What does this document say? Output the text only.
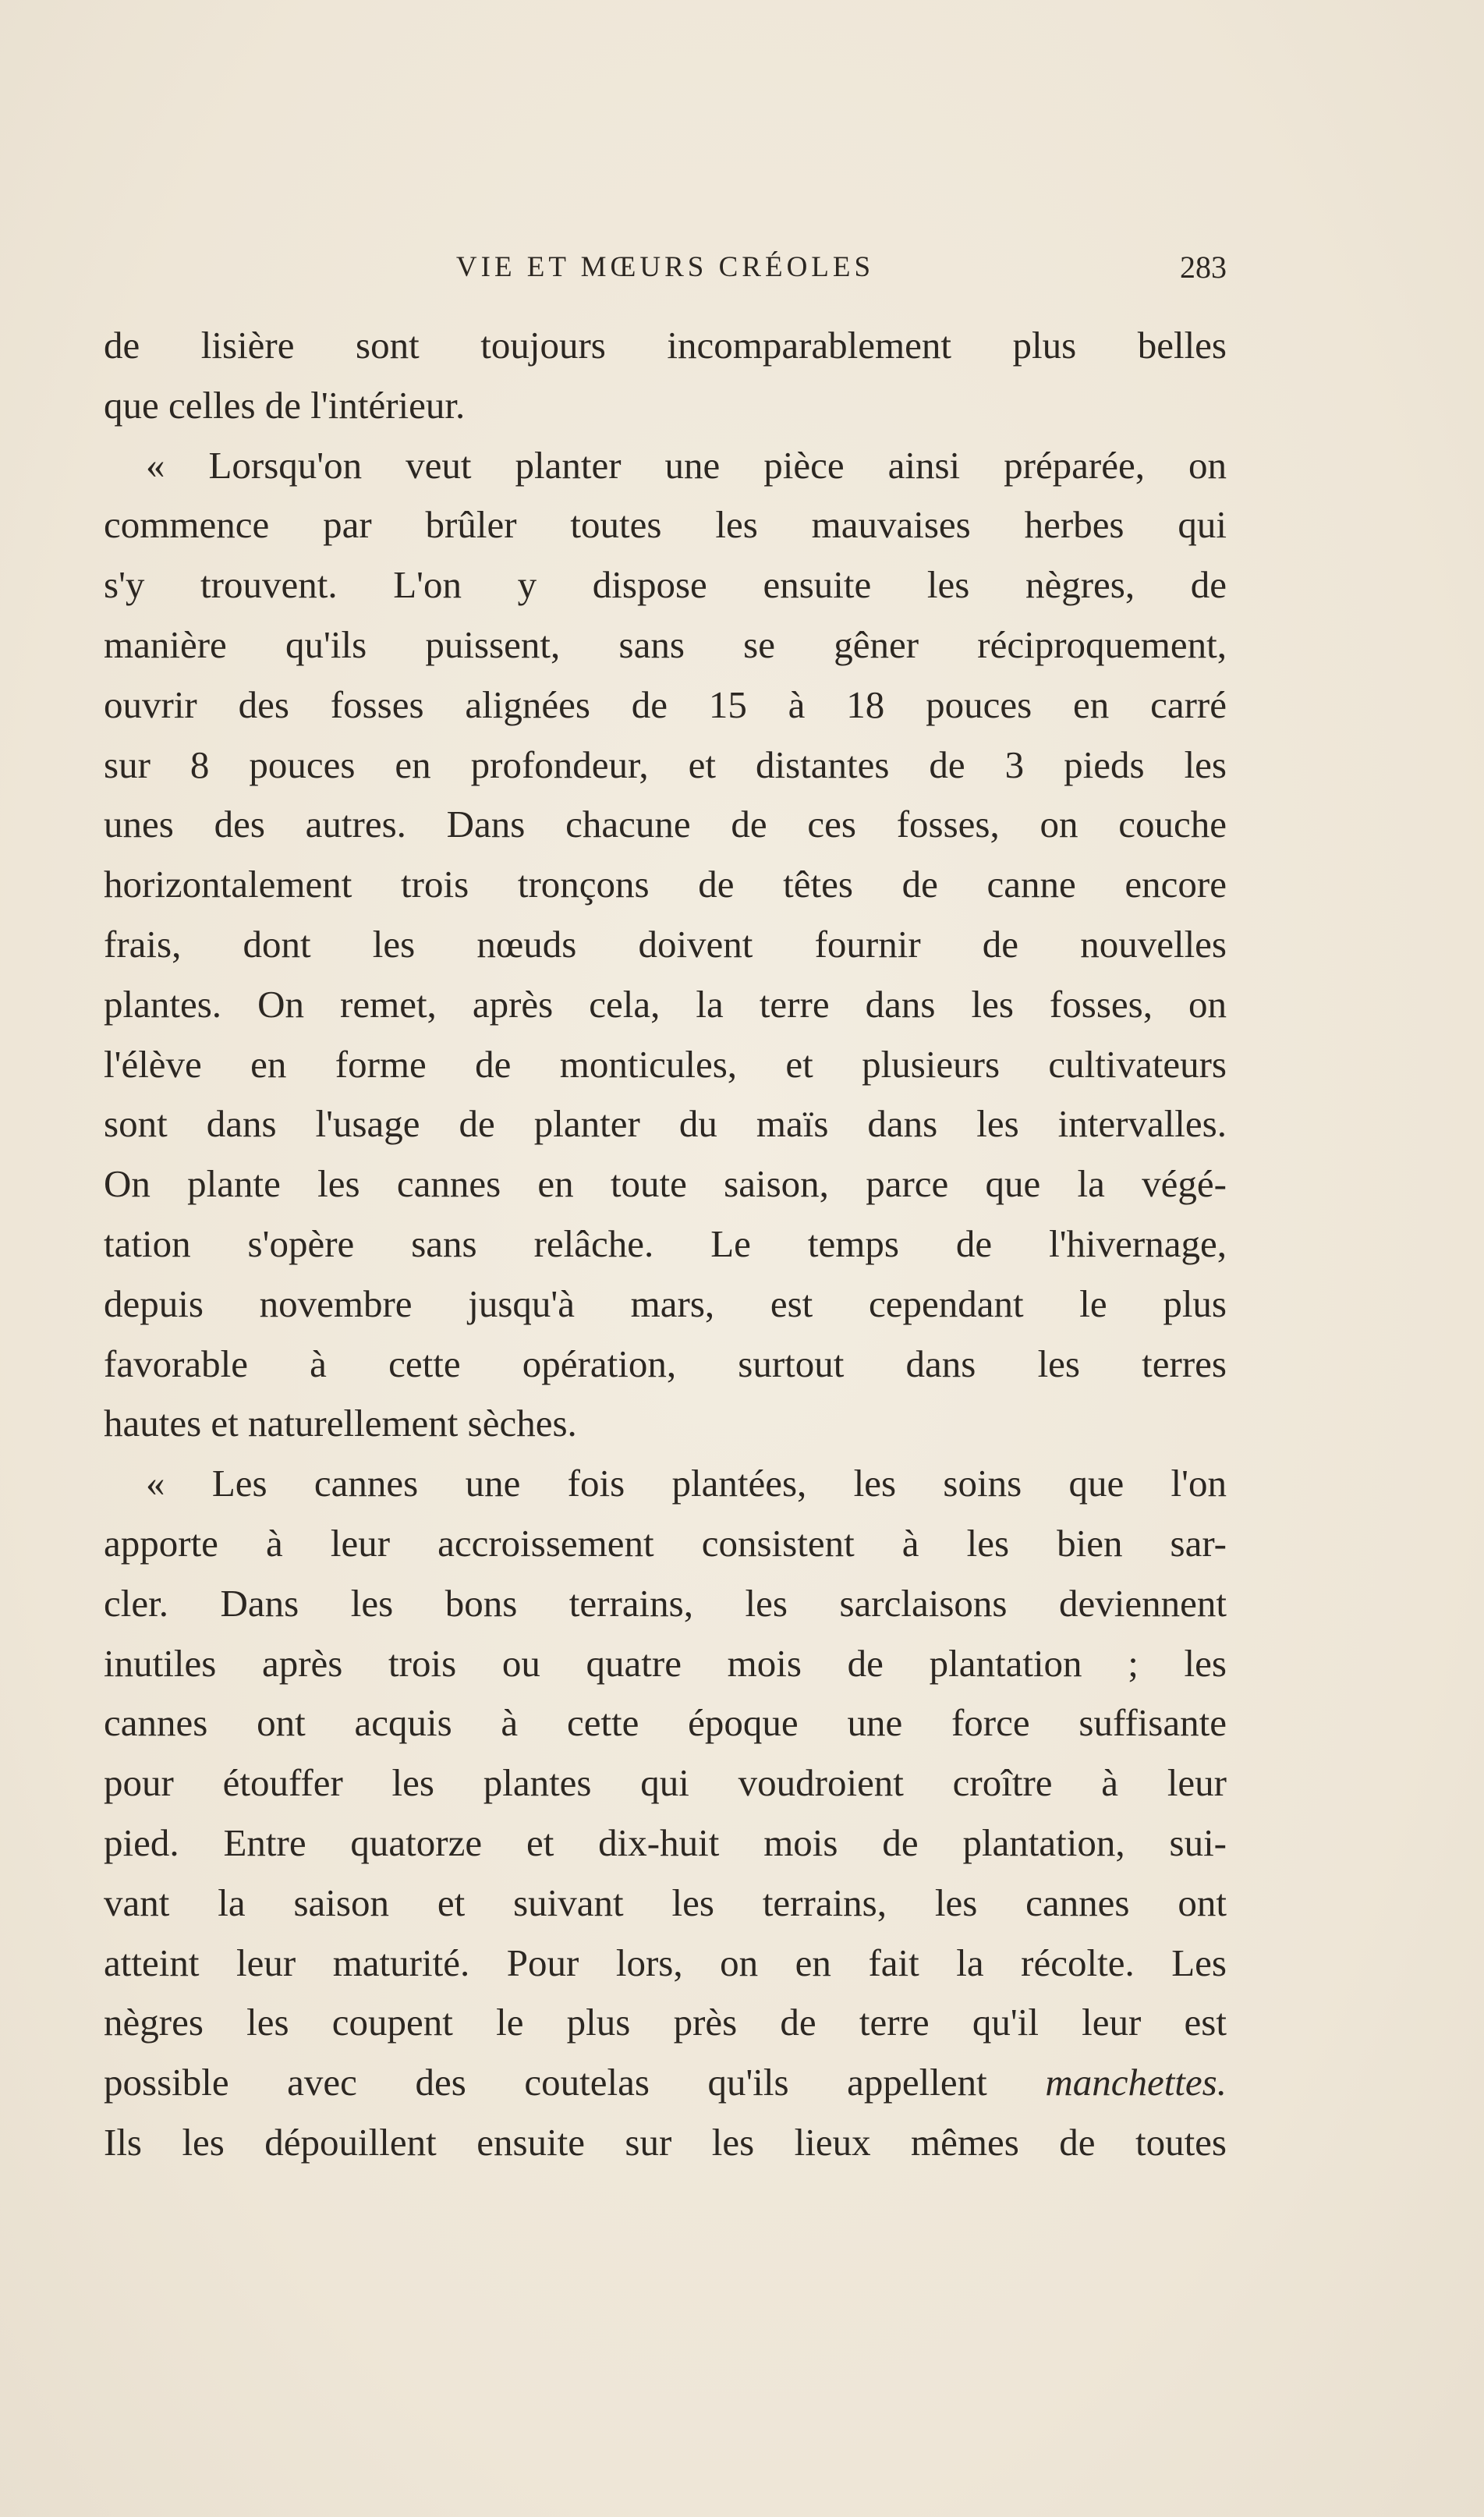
VIE ET MŒURS CRÉOLES	283
de lisière sont toujours incomparablement plus belles
que celles de l'intérieur.
« Lorsqu'on veut planter une pièce ainsi préparée, on
commence par brûler toutes les mauvaises herbes qui
s'y trouvent. L'on y dispose ensuite les nègres, de
manière qu'ils puissent, sans se gêner réciproquement,
ouvrir des fosses alignées de 15 à 18 pouces en carré
sur 8 pouces en profondeur, et distantes de 3 pieds les
unes des autres. Dans chacune de ces fosses, on couche
horizontalement trois tronçons de têtes de canne encore
frais, dont les nœuds doivent fournir de nouvelles
plantes. On remet, après cela, la terre dans les fosses, on
l'élève en forme de monticules, et plusieurs cultivateurs
sont dans l'usage de planter du maïs dans les intervalles.
On plante les cannes en toute saison, parce que la végé-
tation s'opère sans relâche. Le temps de l'hivernage,
depuis novembre jusqu'à mars, est cependant le plus
favorable à cette opération, surtout dans les terres
hautes et naturellement sèches.
« Les cannes une fois plantées, les soins que l'on
apporte à leur accroissement consistent à les bien sar-
cler. Dans les bons terrains, les sarclaisons deviennent
inutiles après trois ou quatre mois de plantation ; les
cannes ont acquis à cette époque une force suffisante
pour étouffer les plantes qui voudroient croître à leur
pied. Entre quatorze et dix-huit mois de plantation, sui-
vant la saison et suivant les terrains, les cannes ont
atteint leur maturité. Pour lors, on en fait la récolte. Les
nègres les coupent le plus près de terre qu'il leur est
possible avec des coutelas qu'ils appellent manchettes.
Ils les dépouillent ensuite sur les lieux mêmes de toutes
